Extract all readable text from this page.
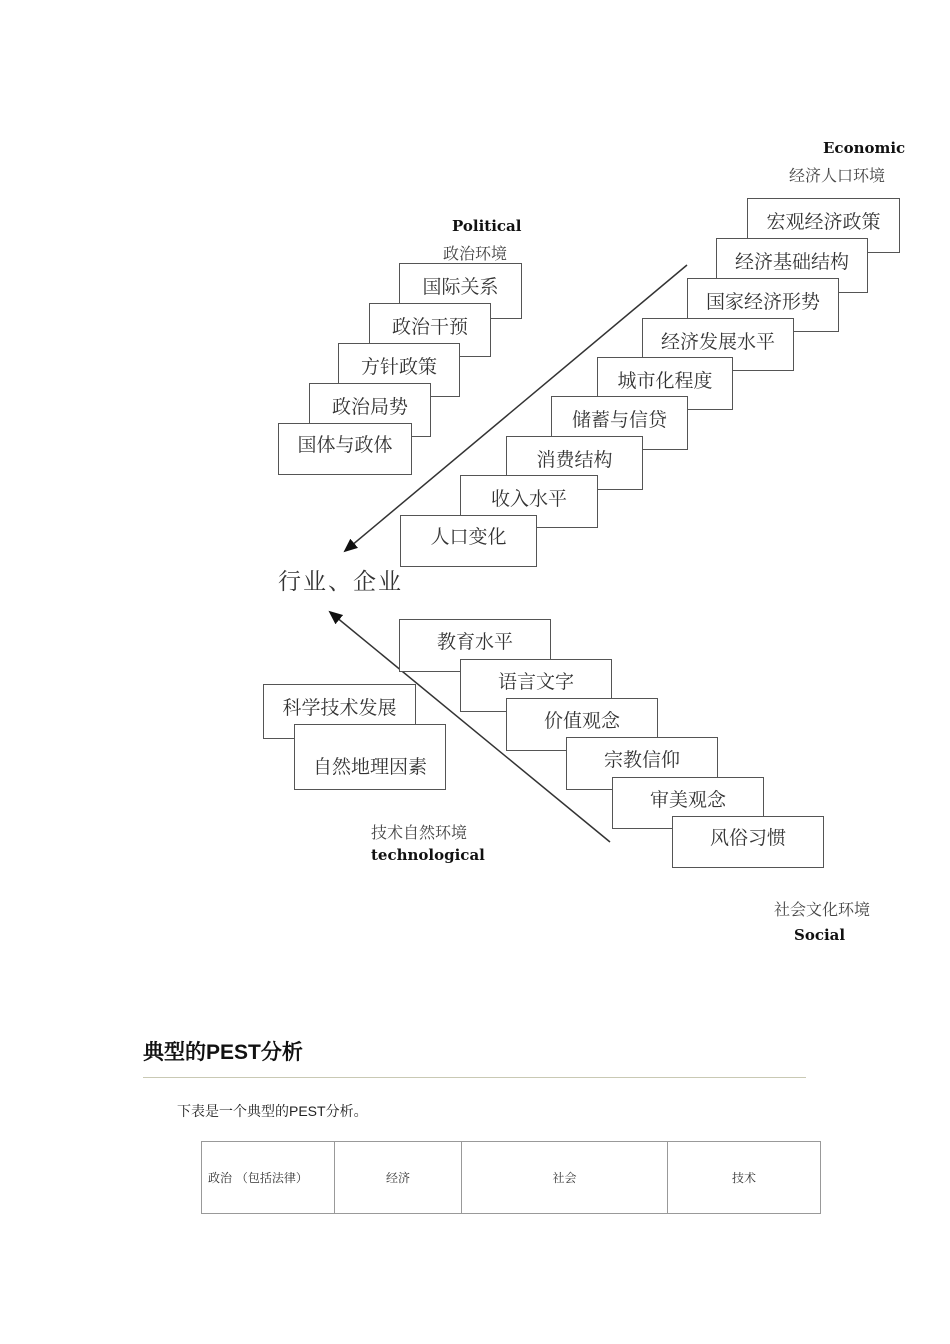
Political
政治环境
国际关系
政治干预
方针政策
政治局势
国体与政体
Economic
经济人口环境
宏观经济政策
经济基础结构
国家经济形势
经济发展水平
城市化程度
储蓄与信贷
消费结构
收入水平
人口变化
行业、企业
教育水平
语言文字
价值观念
宗教信仰
审美观念
风俗习惯
社会文化环境
Social
科学技术发展
自然地理因素
技术自然环境
technological
典型的PEST分析
下表是一个典型的PEST分析。
政治 （包括法律）	经济	社会	技术
